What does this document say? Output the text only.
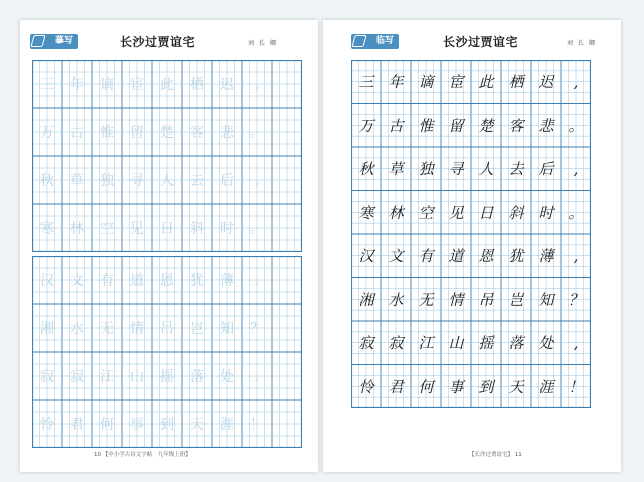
摹写	长沙过贾谊宅	刘 长 卿
三	年	谪	宦	此	栖	迟	,
万	古	惟	留	楚	客	悲	。
秋	草	独	寻	人	去	后	,
寒	林	空	见	日	斜	时	。
汉	文	有	道	恩	犹	薄	,
湘	水	无	情	吊	岂	知	？
寂	寂	江	山	摇	落	处	,
怜	君	何	事	到	天	涯	！
10 【中小学古诗文字帖　九年级上册】
临写	长沙过贾谊宅	刘 长 卿
三 年 谪 宦 此 栖 迟	,
万 古 惟 留 楚 客 悲 。
秋 草 独 寻 人 去 后	,
寒 林 空 见 日 斜 时 。
汉 文 有 道 恩 犹 薄	,
湘 水 无 情 吊 岂 知 ？
寂 寂 江 山 摇 落 处	,
怜 君 何 事 到 天 涯 ！
【长沙过贾谊宅】 11
